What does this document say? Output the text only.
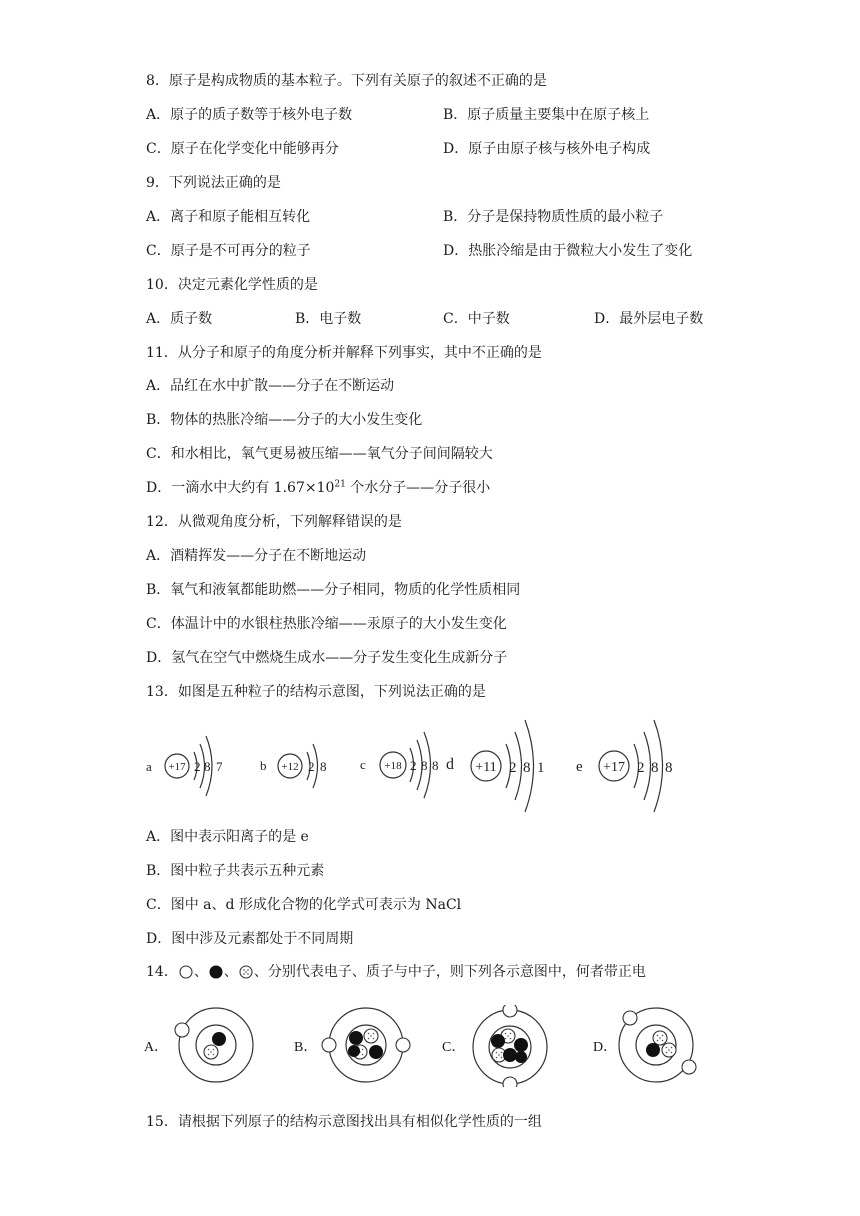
8．原子是构成物质的基本粒子。下列有关原子的叙述不正确的是
A．原子的质子数等于核外电子数	B．原子质量主要集中在原子核上
C．原子在化学变化中能够再分	D．原子由原子核与核外电子构成
9．下列说法正确的是
A．离子和原子能相互转化	B．分子是保持物质性质的最小粒子
C．原子是不可再分的粒子	D．热胀冷缩是由于微粒大小发生了变化
10．决定元素化学性质的是
A．质子数	B．电子数	C．中子数	D．最外层电子数
11．从分子和原子的角度分析并解释下列事实，其中不正确的是
A．品红在水中扩散——分子在不断运动
B．物体的热胀冷缩——分子的大小发生变化
C．和水相比，氧气更易被压缩——氧气分子间间隔较大
D．一滴水中大约有 $1.67\times 10^{21}$ 个水分子——分子很小
12．从微观角度分析，下列解释错误的是
A．酒精挥发——分子在不断地运动
B．氧气和液氧都能助燃——分子相同，物质的化学性质相同
C．体温计中的水银柱热胀冷缩——汞原子的大小发生变化
D．氢气在空气中燃烧生成水——分子发生变化生成新分子
13．如图是五种粒子的结构示意图，下列说法正确的是
a +17 2 8 7	b +12 2 8	c +18 2 8 8 d +11 2 8 1 e +17 2 8 8
A．图中表示阳离子的是 e
B．图中粒子共表示五种元素
C．图中 a、d 形成化合物的化学式可表示为 NaCl
D．图中涉及元素都处于不同周期
14． 、 、 、 分别代表电子、质子与中子，则下列各示意图中，何者带正电
A．	B．	C．	D．
15．请根据下列原子的结构示意图找出具有相似化学性质的一组
